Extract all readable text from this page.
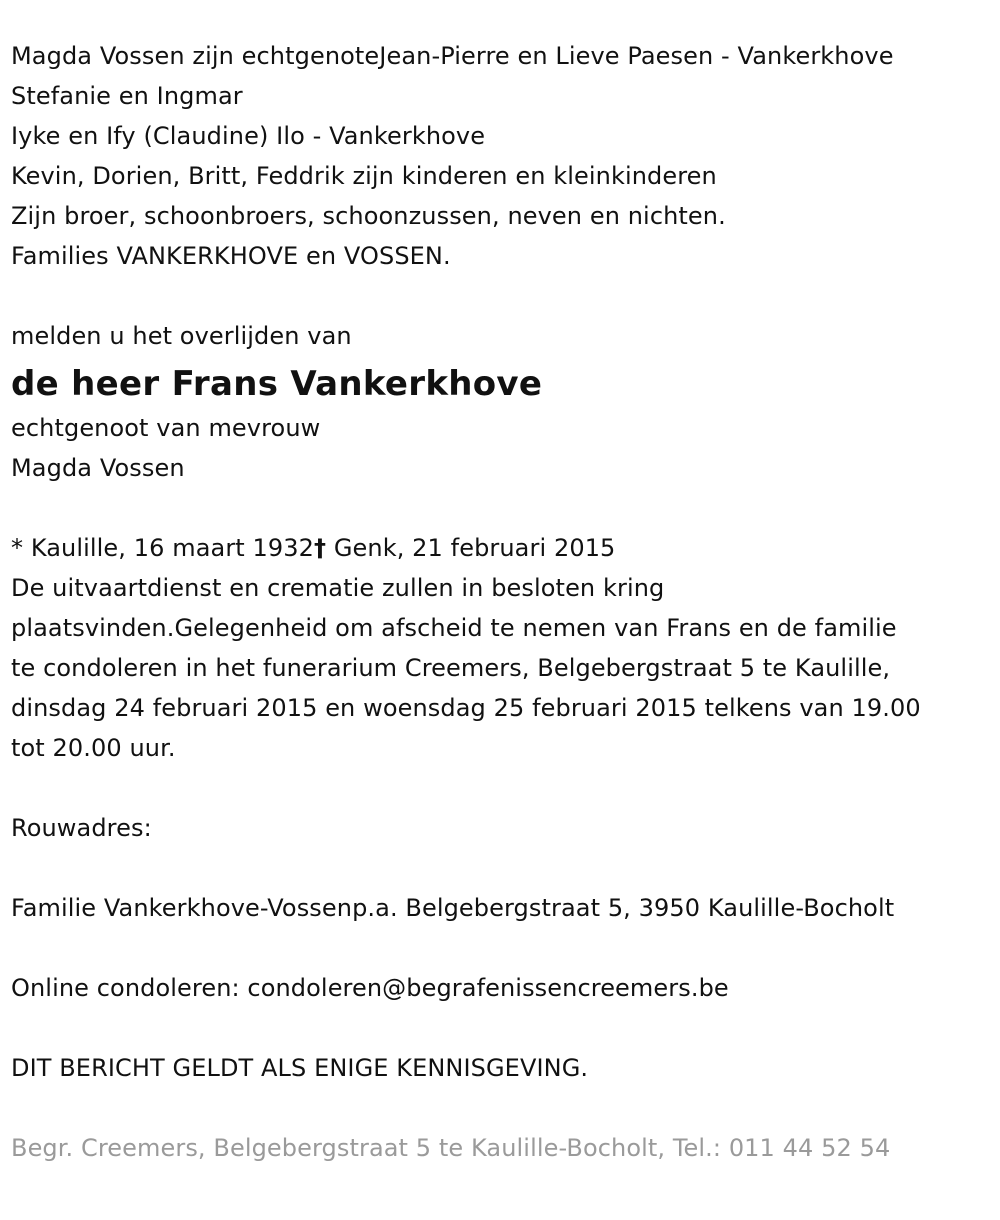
Magda Vossen zijn echtgenoteJean-Pierre en Lieve Paesen - Vankerkhove
Stefanie en Ingmar
Iyke en Ify (Claudine) Ilo - Vankerkhove
Kevin, Dorien, Britt, Feddrik zijn kinderen en kleinkinderen
Zijn broer, schoonbroers, schoonzussen, neven en nichten.
Families VANKERKHOVE en VOSSEN.
melden u het overlijden van
de heer Frans Vankerkhove
echtgenoot van mevrouw
Magda Vossen
* Kaulille, 16 maart 1932† Genk, 21 februari 2015
De uitvaartdienst en crematie zullen in besloten kring
plaatsvinden.Gelegenheid om afscheid te nemen van Frans en de familie
te condoleren in het funerarium Creemers, Belgebergstraat 5 te Kaulille,
dinsdag 24 februari 2015 en woensdag 25 februari 2015 telkens van 19.00
tot 20.00 uur.
Rouwadres:
Familie Vankerkhove-Vossenp.a. Belgebergstraat 5, 3950 Kaulille-Bocholt
Online condoleren: condoleren@begrafenissencreemers.be
DIT BERICHT GELDT ALS ENIGE KENNISGEVING.
Begr. Creemers, Belgebergstraat 5 te Kaulille-Bocholt, Tel.: 011 44 52 54
